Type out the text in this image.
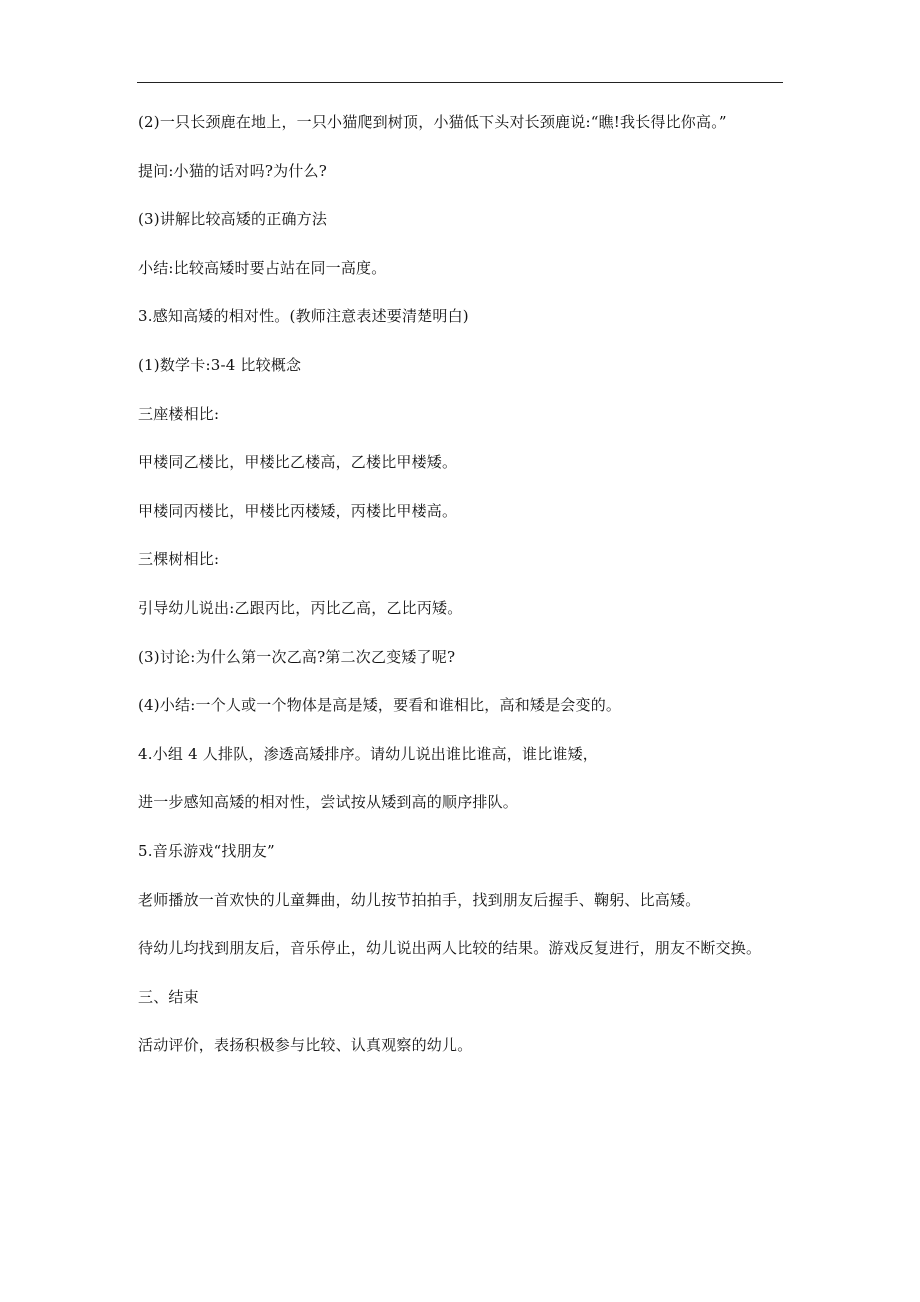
(2)一只长颈鹿在地上，一只小猫爬到树顶，小猫低下头对长颈鹿说:“瞧!我长得比你高。”
提问:小猫的话对吗?为什么?
(3)讲解比较高矮的正确方法
小结:比较高矮时要占站在同一高度。
3.感知高矮的相对性。(教师注意表述要清楚明白)
(1)数学卡:3-4 比较概念
三座楼相比:
甲楼同乙楼比，甲楼比乙楼高，乙楼比甲楼矮。
甲楼同丙楼比，甲楼比丙楼矮，丙楼比甲楼高。
三棵树相比:
引导幼儿说出:乙跟丙比，丙比乙高，乙比丙矮。
(3)讨论:为什么第一次乙高?第二次乙变矮了呢?
(4)小结:一个人或一个物体是高是矮，要看和谁相比，高和矮是会变的。
4.小组 4 人排队，渗透高矮排序。请幼儿说出谁比谁高，谁比谁矮，
进一步感知高矮的相对性，尝试按从矮到高的顺序排队。
5.音乐游戏“找朋友”
老师播放一首欢快的儿童舞曲，幼儿按节拍拍手，找到朋友后握手、鞠躬、比高矮。
待幼儿均找到朋友后，音乐停止，幼儿说出两人比较的结果。游戏反复进行，朋友不断交换。
三、结束
活动评价，表扬积极参与比较、认真观察的幼儿。
